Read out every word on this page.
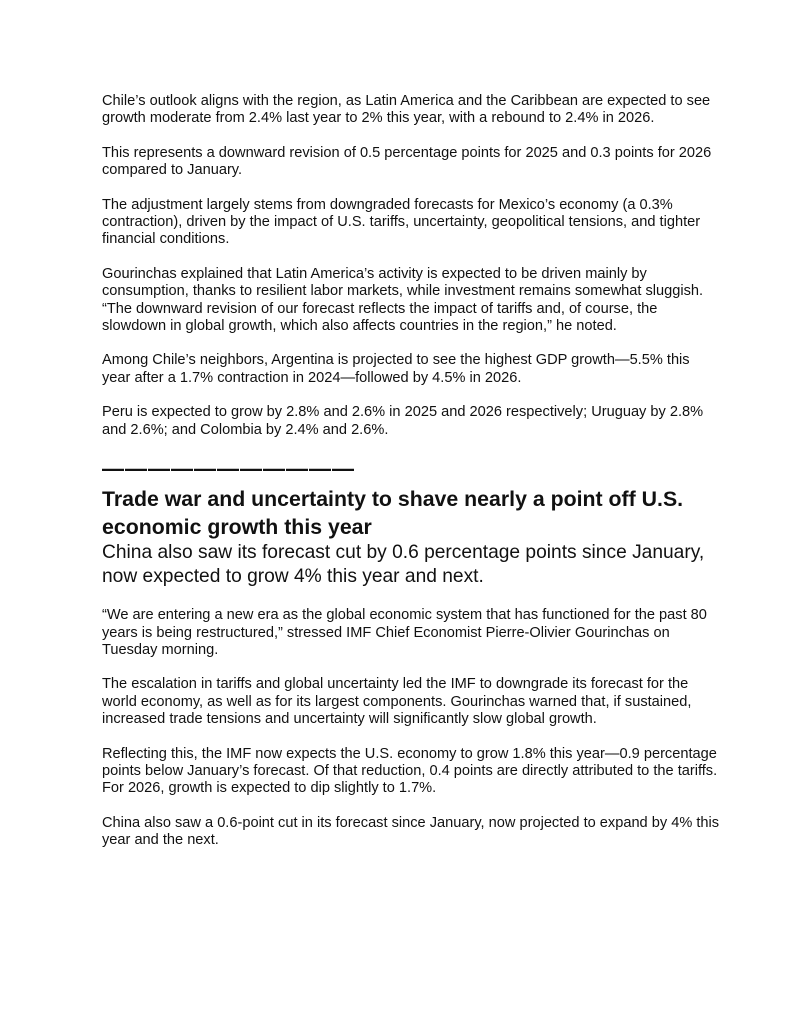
Chile’s outlook aligns with the region, as Latin America and the Caribbean are expected to see growth moderate from 2.4% last year to 2% this year, with a rebound to 2.4% in 2026.

This represents a downward revision of 0.5 percentage points for 2025 and 0.3 points for 2026 compared to January.

The adjustment largely stems from downgraded forecasts for Mexico’s economy (a 0.3% contraction), driven by the impact of U.S. tariffs, uncertainty, geopolitical tensions, and tighter financial conditions.

Gourinchas explained that Latin America’s activity is expected to be driven mainly by consumption, thanks to resilient labor markets, while investment remains somewhat sluggish. “The downward revision of our forecast reflects the impact of tariffs and, of course, the slowdown in global growth, which also affects countries in the region,” he noted.

Among Chile’s neighbors, Argentina is projected to see the highest GDP growth—5.5% this year after a 1.7% contraction in 2024—followed by 4.5% in 2026.

Peru is expected to grow by 2.8% and 2.6% in 2025 and 2026 respectively; Uruguay by 2.8% and 2.6%; and Colombia by 2.4% and 2.6%.

———————————
Trade war and uncertainty to shave nearly a point off U.S. economic growth this year

China also saw its forecast cut by 0.6 percentage points since January, now expected to grow 4% this year and next.

“We are entering a new era as the global economic system that has functioned for the past 80 years is being restructured,” stressed IMF Chief Economist Pierre-Olivier Gourinchas on Tuesday morning.

The escalation in tariffs and global uncertainty led the IMF to downgrade its forecast for the world economy, as well as for its largest components. Gourinchas warned that, if sustained, increased trade tensions and uncertainty will significantly slow global growth.

Reflecting this, the IMF now expects the U.S. economy to grow 1.8% this year—0.9 percentage points below January’s forecast. Of that reduction, 0.4 points are directly attributed to the tariffs. For 2026, growth is expected to dip slightly to 1.7%.

China also saw a 0.6-point cut in its forecast since January, now projected to expand by 4% this year and the next.
